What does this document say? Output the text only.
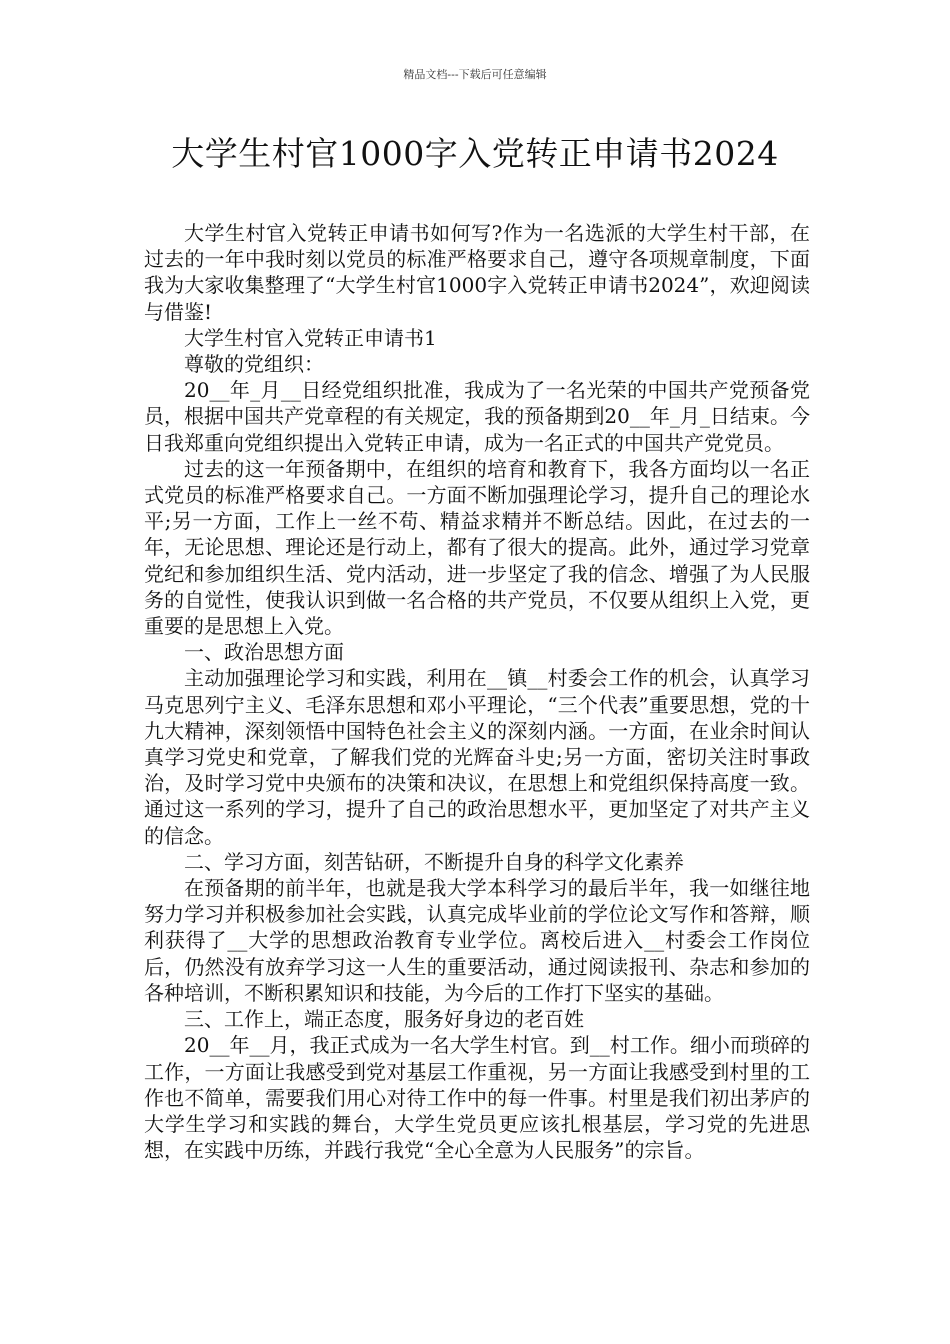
精品文档---下载后可任意编辑
大学生村官1000字入党转正申请书2024

大学生村官入党转正申请书如何写?作为一名选派的大学生村干部，在过去的一年中我时刻以党员的标准严格要求自己，遵守各项规章制度，下面我为大家收集整理了“大学生村官1000字入党转正申请书2024”，欢迎阅读与借鉴!

大学生村官入党转正申请书1

尊敬的党组织：

20__年_月__日经党组织批准，我成为了一名光荣的中国共产党预备党员，根据中国共产党章程的有关规定，我的预备期到20__年_月_日结束。今日我郑重向党组织提出入党转正申请，成为一名正式的中国共产党党员。

过去的这一年预备期中，在组织的培育和教育下，我各方面均以一名正式党员的标准严格要求自己。一方面不断加强理论学习，提升自己的理论水平;另一方面，工作上一丝不苟、精益求精并不断总结。因此，在过去的一年，无论思想、理论还是行动上，都有了很大的提高。此外，通过学习党章党纪和参加组织生活、党内活动，进一步坚定了我的信念、增强了为人民服务的自觉性，使我认识到做一名合格的共产党员，不仅要从组织上入党，更重要的是思想上入党。

一、政治思想方面

主动加强理论学习和实践，利用在__镇__村委会工作的机会，认真学习马克思列宁主义、毛泽东思想和邓小平理论，“三个代表”重要思想，党的十九大精神，深刻领悟中国特色社会主义的深刻内涵。一方面，在业余时间认真学习党史和党章，了解我们党的光辉奋斗史;另一方面，密切关注时事政治，及时学习党中央颁布的决策和决议，在思想上和党组织保持高度一致。通过这一系列的学习，提升了自己的政治思想水平，更加坚定了对共产主义的信念。

二、学习方面，刻苦钻研，不断提升自身的科学文化素养

在预备期的前半年，也就是我大学本科学习的最后半年，我一如继往地努力学习并积极参加社会实践，认真完成毕业前的学位论文写作和答辩，顺利获得了__大学的思想政治教育专业学位。离校后进入__村委会工作岗位后，仍然没有放弃学习这一人生的重要活动，通过阅读报刊、杂志和参加的各种培训，不断积累知识和技能，为今后的工作打下坚实的基础。

三、工作上，端正态度，服务好身边的老百姓

20__年__月，我正式成为一名大学生村官。到__村工作。细小而琐碎的工作，一方面让我感受到党对基层工作重视，另一方面让我感受到村里的工作也不简单，需要我们用心对待工作中的每一件事。村里是我们初出茅庐的大学生学习和实践的舞台，大学生党员更应该扎根基层，学习党的先进思想，在实践中历练，并践行我党“全心全意为人民服务”的宗旨。
